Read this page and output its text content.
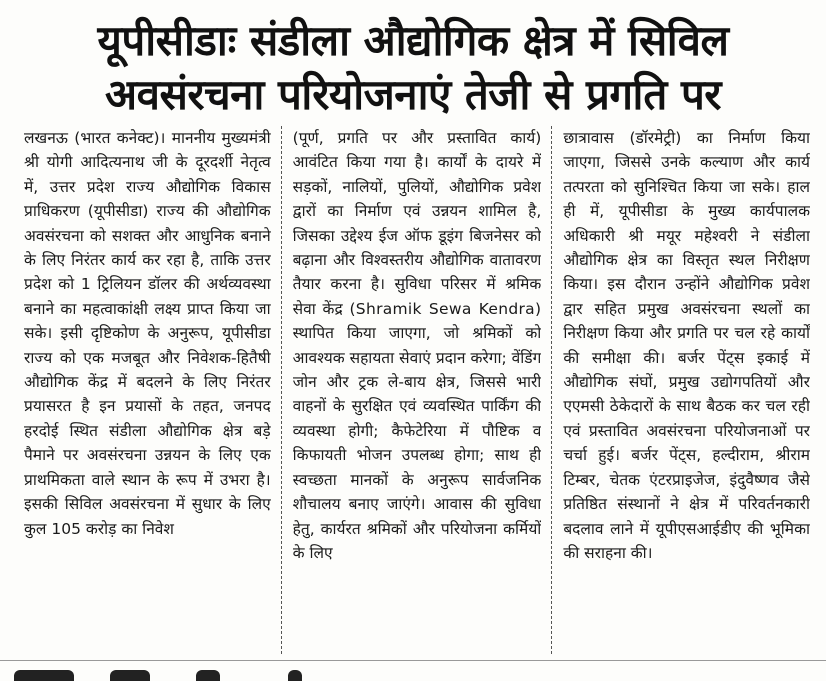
यूपीसीडाः संडीला औद्योगिक क्षेत्र में सिविल
अवसंरचना परियोजनाएं तेजी से प्रगति पर

लखनऊ (भारत कनेक्ट)। माननीय मुख्यमंत्री श्री योगी आदित्यनाथ जी के दूरदर्शी नेतृत्व में, उत्तर प्रदेश राज्य औद्योगिक विकास प्राधिकरण (यूपीसीडा) राज्य की औद्योगिक अवसंरचना को सशक्त और आधुनिक बनाने के लिए निरंतर कार्य कर रहा है, ताकि उत्तर प्रदेश को 1 ट्रिलियन डॉलर की अर्थव्यवस्था बनाने का महत्वाकांक्षी लक्ष्य प्राप्त किया जा सके। इसी दृष्टिकोण के अनुरूप, यूपीसीडा राज्य को एक मजबूत और निवेशक-हितैषी औद्योगिक केंद्र में बदलने के लिए निरंतर प्रयासरत है इन प्रयासों के तहत, जनपद हरदोई स्थित संडीला औद्योगिक क्षेत्र बड़े पैमाने पर अवसंरचना उन्नयन के लिए एक प्राथमिकता वाले स्थान के रूप में उभरा है। इसकी सिविल अवसंरचना में सुधार के लिए कुल 105 करोड़ का निवेश

(पूर्ण, प्रगति पर और प्रस्तावित कार्य) आवंटित किया गया है। कार्यों के दायरे में सड़कों, नालियों, पुलियों, औद्योगिक प्रवेश द्वारों का निर्माण एवं उन्नयन शामिल है, जिसका उद्देश्य ईज ऑफ डूइंग बिजनेसर को बढ़ाना और विश्वस्तरीय औद्योगिक वातावरण तैयार करना है। सुविधा परिसर में श्रमिक सेवा केंद्र (Shramik Sewa Kendra) स्थापित किया जाएगा, जो श्रमिकों को आवश्यक सहायता सेवाएं प्रदान करेगा; वेंडिंग जोन और ट्रक ले-बाय क्षेत्र, जिससे भारी वाहनों के सुरक्षित एवं व्यवस्थित पार्किंग की व्यवस्था होगी; कैफेटेरिया में पौष्टिक व किफायती भोजन उपलब्ध होगा; साथ ही स्वच्छता मानकों के अनुरूप सार्वजनिक शौचालय बनाए जाएंगे। आवास की सुविधा हेतु, कार्यरत श्रमिकों और परियोजना कर्मियों के लिए

छात्रावास (डॉरमेट्री) का निर्माण किया जाएगा, जिससे उनके कल्याण और कार्य तत्परता को सुनिश्चित किया जा सके। हाल ही में, यूपीसीडा के मुख्य कार्यपालक अधिकारी श्री मयूर महेश्वरी ने संडीला औद्योगिक क्षेत्र का विस्तृत स्थल निरीक्षण किया। इस दौरान उन्होंने औद्योगिक प्रवेश द्वार सहित प्रमुख अवसंरचना स्थलों का निरीक्षण किया और प्रगति पर चल रहे कार्यों की समीक्षा की। बर्जर पेंट्स इकाई में औद्योगिक संघों, प्रमुख उद्योगपतियों और एएमसी ठेकेदारों के साथ बैठक कर चल रही एवं प्रस्तावित अवसंरचना परियोजनाओं पर चर्चा हुई। बर्जर पेंट्स, हल्दीराम, श्रीराम टिम्बर, चेतक एंटरप्राइजेज, इंदुवैष्णव जैसे प्रतिष्ठित संस्थानों ने क्षेत्र में परिवर्तनकारी बदलाव लाने में यूपीएसआईडीए की भूमिका की सराहना की।
